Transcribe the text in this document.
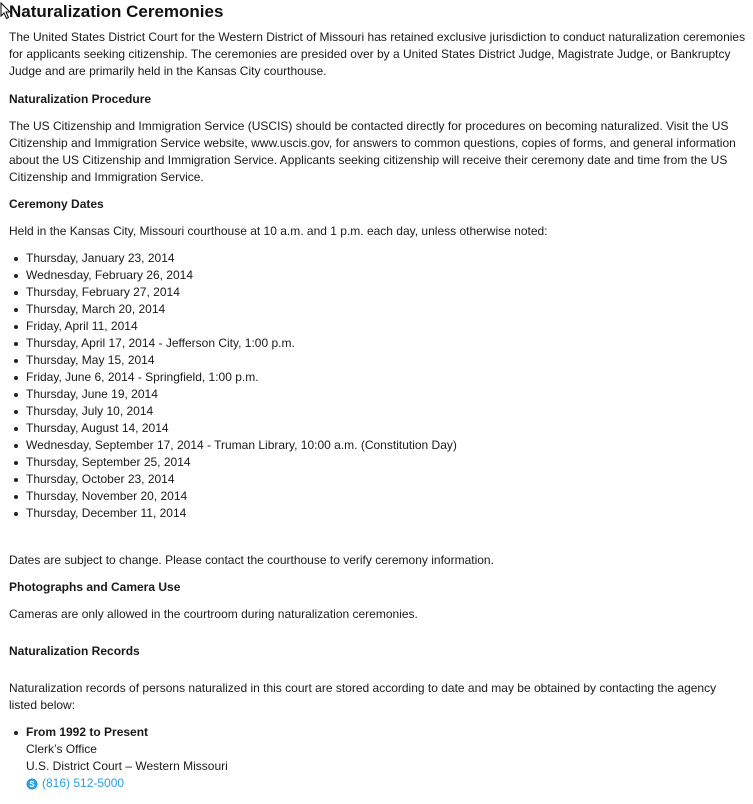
Naturalization Ceremonies

The United States District Court for the Western District of Missouri has retained exclusive jurisdiction to conduct naturalization ceremonies for applicants seeking citizenship. The ceremonies are presided over by a United States District Judge, Magistrate Judge, or Bankruptcy Judge and are primarily held in the Kansas City courthouse.

Naturalization Procedure

The US Citizenship and Immigration Service (USCIS) should be contacted directly for procedures on becoming naturalized. Visit the US Citizenship and Immigration Service website, www.uscis.gov, for answers to common questions, copies of forms, and general information about the US Citizenship and Immigration Service. Applicants seeking citizenship will receive their ceremony date and time from the US Citizenship and Immigration Service.

Ceremony Dates

Held in the Kansas City, Missouri courthouse at 10 a.m. and 1 p.m. each day, unless otherwise noted:

Thursday, January 23, 2014
Wednesday, February 26, 2014
Thursday, February 27, 2014
Thursday, March 20, 2014
Friday, April 11, 2014
Thursday, April 17, 2014 - Jefferson City, 1:00 p.m.
Thursday, May 15, 2014
Friday, June 6, 2014 - Springfield, 1:00 p.m.
Thursday, June 19, 2014
Thursday, July 10, 2014
Thursday, August 14, 2014
Wednesday, September 17, 2014 - Truman Library, 10:00 a.m. (Constitution Day)
Thursday, September 25, 2014
Thursday, October 23, 2014
Thursday, November 20, 2014
Thursday, December 11, 2014

Dates are subject to change. Please contact the courthouse to verify ceremony information.

Photographs and Camera Use

Cameras are only allowed in the courtroom during naturalization ceremonies.

Naturalization Records

Naturalization records of persons naturalized in this court are stored according to date and may be obtained by contacting the agency listed below:

From 1992 to Present
Clerk’s Office
U.S. District Court – Western Missouri
(816) 512-5000
